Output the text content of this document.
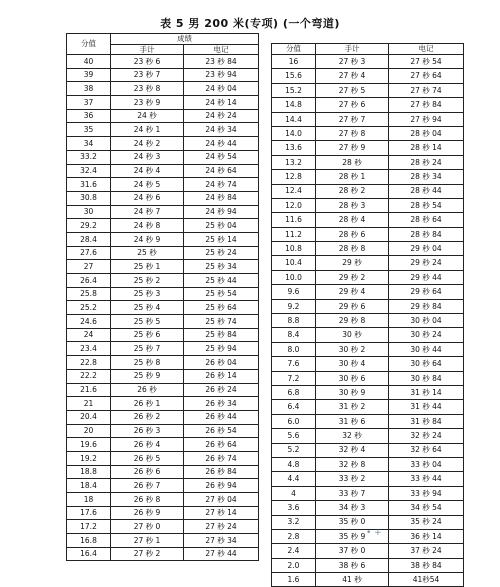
表 5 男 200 米(专项) (一个弯道)
分值	成绩	
	手计	电记
40	23 秒 6	23 秒 84
39	23 秒 7	23 秒 94
38	23 秒 8	24 秒 04
37	23 秒 9	24 秒 14
36	24 秒	24 秒 24
35	24 秒 1	24 秒 34
34	24 秒 2	24 秒 44
33.2	24 秒 3	24 秒 54
32.4	24 秒 4	24 秒 64
31.6	24 秒 5	24 秒 74
30.8	24 秒 6	24 秒 84
30	24 秒 7	24 秒 94
29.2	24 秒 8	25 秒 04
28.4	24 秒 9	25 秒 14
27.6	25 秒	25 秒 24
27	25 秒 1	25 秒 34
26.4	25 秒 2	25 秒 44
25.8	25 秒 3	25 秒 54
25.2	25 秒 4	25 秒 64
24.6	25 秒 5	25 秒 74
24	25 秒 6	25 秒 84
23.4	25 秒 7	25 秒 94
22.8	25 秒 8	26 秒 04
22.2	25 秒 9	26 秒 14
21.6	26 秒	26 秒 24
21	26 秒 1	26 秒 34
20.4	26 秒 2	26 秒 44
20	26 秒 3	26 秒 54
19.6	26 秒 4	26 秒 64
19.2	26 秒 5	26 秒 74
18.8	26 秒 6	26 秒 84
18.4	26 秒 7	26 秒 94
18	26 秒 8	27 秒 04
17.6	26 秒 9	27 秒 14
17.2	27 秒 0	27 秒 24
16.8	27 秒 1	27 秒 34
16.4	27 秒 2	27 秒 44
分值	手计	电记
16	27 秒 3	27 秒 54
15.6	27 秒 4	27 秒 64
15.2	27 秒 5	27 秒 74
14.8	27 秒 6	27 秒 84
14.4	27 秒 7	27 秒 94
14.0	27 秒 8	28 秒 04
13.6	27 秒 9	28 秒 14
13.2	28 秒	28 秒 24
12.8	28 秒 1	28 秒 34
12.4	28 秒 2	28 秒 44
12.0	28 秒 3	28 秒 54
11.6	28 秒 4	28 秒 64
11.2	28 秒 6	28 秒 84
10.8	28 秒 8	29 秒 04
10.4	29 秒	29 秒 24
10.0	29 秒 2	29 秒 44
9.6	29 秒 4	29 秒 64
9.2	29 秒 6	29 秒 84
8.8	29 秒 8	30 秒 04
8.4	30 秒	30 秒 24
8.0	30 秒 2	30 秒 44
7.6	30 秒 4	30 秒 64
7.2	30 秒 6	30 秒 84
6.8	30 秒 9	31 秒 14
6.4	31 秒 2	31 秒 44
6.0	31 秒 6	31 秒 84
5.6	32 秒	32 秒 24
5.2	32 秒 4	32 秒 64
4.8	32 秒 8	33 秒 04
4.4	33 秒 2	33 秒 44
4	33 秒 7	33 秒 94
3.6	34 秒 3	34 秒 54
3.2	35 秒 0	35 秒 24
2.8	35 秒 9	36 秒 14
2.4	37 秒 0	37 秒 24
2.0	38 秒 6	38 秒 84
1.6	41 秒	41秒54
• +
